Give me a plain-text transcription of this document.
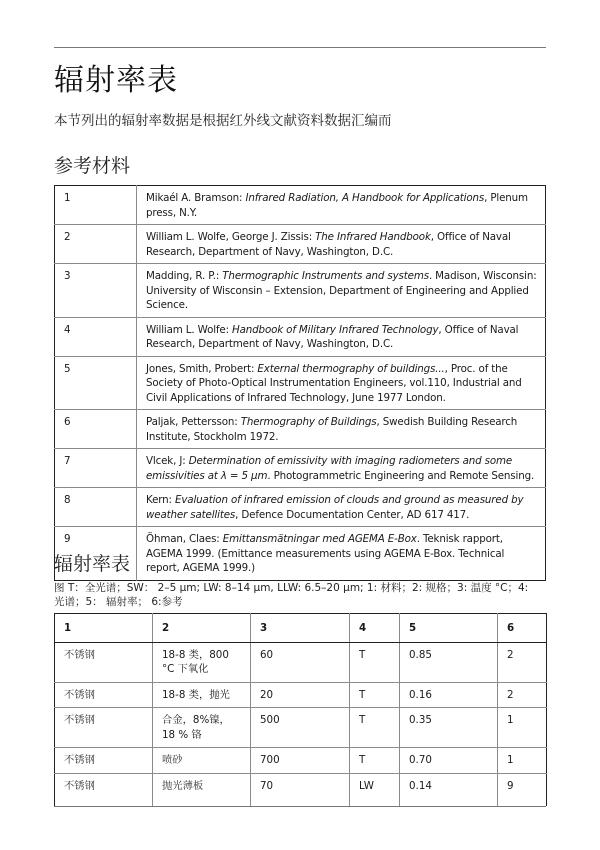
辐射率表

本节列出的辐射率数据是根据红外线文献资料数据汇编而

参考材料
1	Mikaél A. Bramson: Infrared Radiation, A Handbook for Applications, Plenum press, N.Y.
2	William L. Wolfe, George J. Zissis: The Infrared Handbook, Office of Naval Research, Department of Navy, Washington, D.C.
3	Madding, R. P.: Thermographic Instruments and systems. Madison, Wisconsin: University of Wisconsin – Extension, Department of Engineering and Applied Science.
4	William L. Wolfe: Handbook of Military Infrared Technology, Office of Naval Research, Department of Navy, Washington, D.C.
5	Jones, Smith, Probert: External thermography of buildings..., Proc. of the Society of Photo-Optical Instrumentation Engineers, vol.110, Industrial and Civil Applications of Infrared Technology, June 1977 London.
6	Paljak, Pettersson: Thermography of Buildings, Swedish Building Research Institute, Stockholm 1972.
7	Vlcek, J: Determination of emissivity with imaging radiometers and some emissivities at λ = 5 µm. Photogrammetric Engineering and Remote Sensing.
8	Kern: Evaluation of infrared emission of clouds and ground as measured by weather satellites, Defence Documentation Center, AD 617 417.
9	Öhman, Claes: Emittansmätningar med AGEMA E-Box. Teknisk rapport, AGEMA 1999. (Emittance measurements using AGEMA E-Box. Technical report, AGEMA 1999.)
辐射率表

图 T：全光谱；SW： 2–5 µm; LW: 8–14 µm, LLW: 6.5–20 µm; 1: 材料；2: 规格；3: 温度 °C；4: 光谱；5： 辐射率； 6:参考

1	2	3	4	5	6
不锈钢	18-8 类，800 °C 下氧化	60	T	0.85	2
不锈钢	18-8 类，抛光	20	T	0.16	2
不锈钢	合金，8%镍，18 % 铬	500	T	0.35	1
不锈钢	喷砂	700	T	0.70	1
不锈钢	抛光薄板	70	LW	0.14	9
